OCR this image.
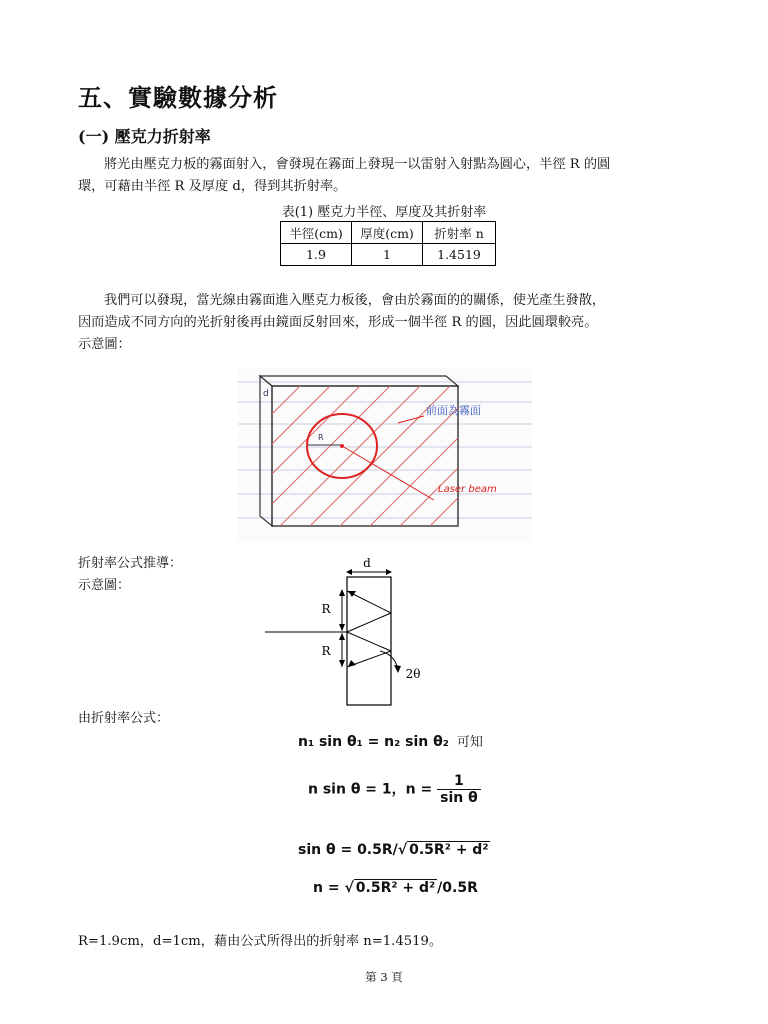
五、實驗數據分析
(一) 壓克力折射率
將光由壓克力板的霧面射入，會發現在霧面上發現一以雷射入射點為圓心，半徑 R 的圓
環，可藉由半徑 R 及厚度 d，得到其折射率。
表(1) 壓克力半徑、厚度及其折射率
半徑(cm)	厚度(cm)	折射率 n
1.9	1	1.4519
我們可以發現，當光線由霧面進入壓克力板後，會由於霧面的的關係，使光產生發散，
因而造成不同方向的光折射後再由鏡面反射回來，形成一個半徑 R 的圓，因此圓環較亮。
示意圖：
d
R
前面為霧面
Laser beam
折射率公式推導：
示意圖：
d
R
R
2θ
由折射率公式：
n₁ sin θ₁ = n₂ sin θ₂ 可知
n sin θ = 1，$n = \frac{1}{\text{sin θ}}$
sin θ = 0.5R/√ 0.5R² + d²
n = √ 0.5R² + d² /0.5R
R=1.9cm，d=1cm，藉由公式所得出的折射率 n=1.4519。
第 3 頁
